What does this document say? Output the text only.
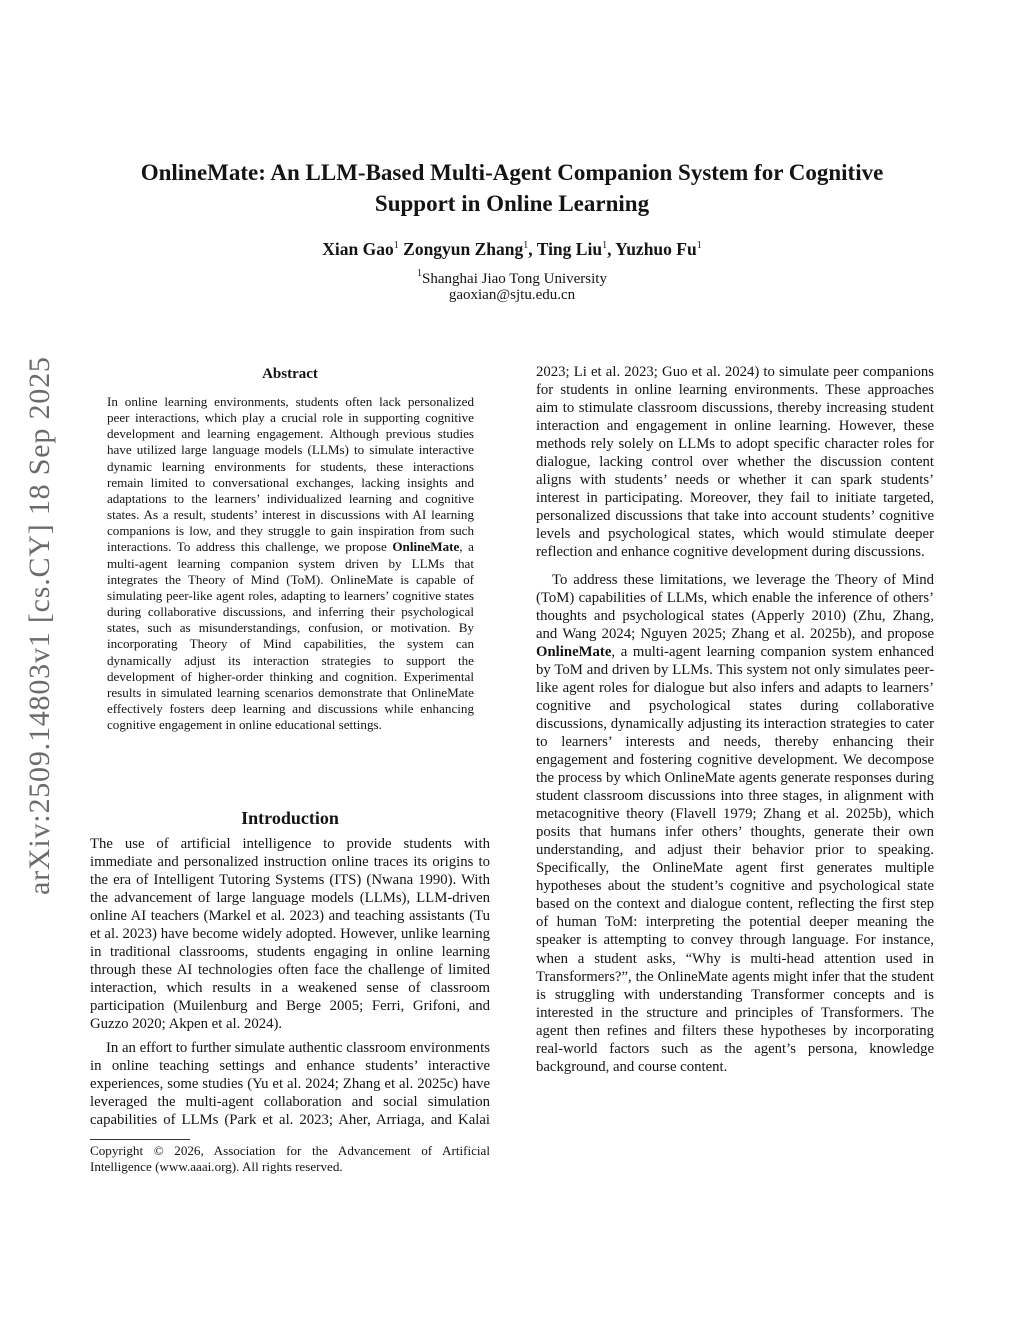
arXiv:2509.14803v1 [cs.CY] 18 Sep 2025
OnlineMate: An LLM-Based Multi-Agent Companion System for Cognitive Support in Online Learning
Xian Gao$^1$ Zongyun Zhang$^1$, Ting Liu$^1$, Yuzhuo Fu$^1$
$^1$Shanghai Jiao Tong University
gaoxian@sjtu.edu.cn
Abstract
In online learning environments, students often lack personalized peer interactions, which play a crucial role in supporting cognitive development and learning engagement. Although previous studies have utilized large language models (LLMs) to simulate interactive dynamic learning environments for students, these interactions remain limited to conversational exchanges, lacking insights and adaptations to the learners’ individualized learning and cognitive states. As a result, students’ interest in discussions with AI learning companions is low, and they struggle to gain inspiration from such interactions. To address this challenge, we propose OnlineMate, a multi-agent learning companion system driven by LLMs that integrates the Theory of Mind (ToM). OnlineMate is capable of simulating peer-like agent roles, adapting to learners’ cognitive states during collaborative discussions, and inferring their psychological states, such as misunderstandings, confusion, or motivation. By incorporating Theory of Mind capabilities, the system can dynamically adjust its interaction strategies to support the development of higher-order thinking and cognition. Experimental results in simulated learning scenarios demonstrate that OnlineMate effectively fosters deep learning and discussions while enhancing cognitive engagement in online educational settings.
Introduction

The use of artificial intelligence to provide students with immediate and personalized instruction online traces its origins to the era of Intelligent Tutoring Systems (ITS) (Nwana 1990). With the advancement of large language models (LLMs), LLM-driven online AI teachers (Markel et al. 2023) and teaching assistants (Tu et al. 2023) have become widely adopted. However, unlike learning in traditional classrooms, students engaging in online learning through these AI technologies often face the challenge of limited interaction, which results in a weakened sense of classroom participation (Muilenburg and Berge 2005; Ferri, Grifoni, and Guzzo 2020; Akpen et al. 2024).

In an effort to further simulate authentic classroom environments in online teaching settings and enhance students’ interactive experiences, some studies (Yu et al. 2024; Zhang et al. 2025c) have leveraged the multi-agent collaboration and social simulation capabilities of LLMs (Park et al. 2023; Aher, Arriaga, and Kalai

Copyright © 2026, Association for the Advancement of Artificial Intelligence (www.aaai.org). All rights reserved.

2023; Li et al. 2023; Guo et al. 2024) to simulate peer companions for students in online learning environments. These approaches aim to stimulate classroom discussions, thereby increasing student interaction and engagement in online learning. However, these methods rely solely on LLMs to adopt specific character roles for dialogue, lacking control over whether the discussion content aligns with students’ needs or whether it can spark students’ interest in participating. Moreover, they fail to initiate targeted, personalized discussions that take into account students’ cognitive levels and psychological states, which would stimulate deeper reflection and enhance cognitive development during discussions.

To address these limitations, we leverage the Theory of Mind (ToM) capabilities of LLMs, which enable the inference of others’ thoughts and psychological states (Apperly 2010) (Zhu, Zhang, and Wang 2024; Nguyen 2025; Zhang et al. 2025b), and propose OnlineMate, a multi-agent learning companion system enhanced by ToM and driven by LLMs. This system not only simulates peer-like agent roles for dialogue but also infers and adapts to learners’ cognitive and psychological states during collaborative discussions, dynamically adjusting its interaction strategies to cater to learners’ interests and needs, thereby enhancing their engagement and fostering cognitive development. We decompose the process by which OnlineMate agents generate responses during student classroom discussions into three stages, in alignment with metacognitive theory (Flavell 1979; Zhang et al. 2025b), which posits that humans infer others’ thoughts, generate their own understanding, and adjust their behavior prior to speaking. Specifically, the OnlineMate agent first generates multiple hypotheses about the student’s cognitive and psychological state based on the context and dialogue content, reflecting the first step of human ToM: interpreting the potential deeper meaning the speaker is attempting to convey through language. For instance, when a student asks, “Why is multi-head attention used in Transformers?”, the OnlineMate agents might infer that the student is struggling with understanding Transformer concepts and is interested in the structure and principles of Transformers. The agent then refines and filters these hypotheses by incorporating real-world factors such as the agent’s persona, knowledge background, and course content.
